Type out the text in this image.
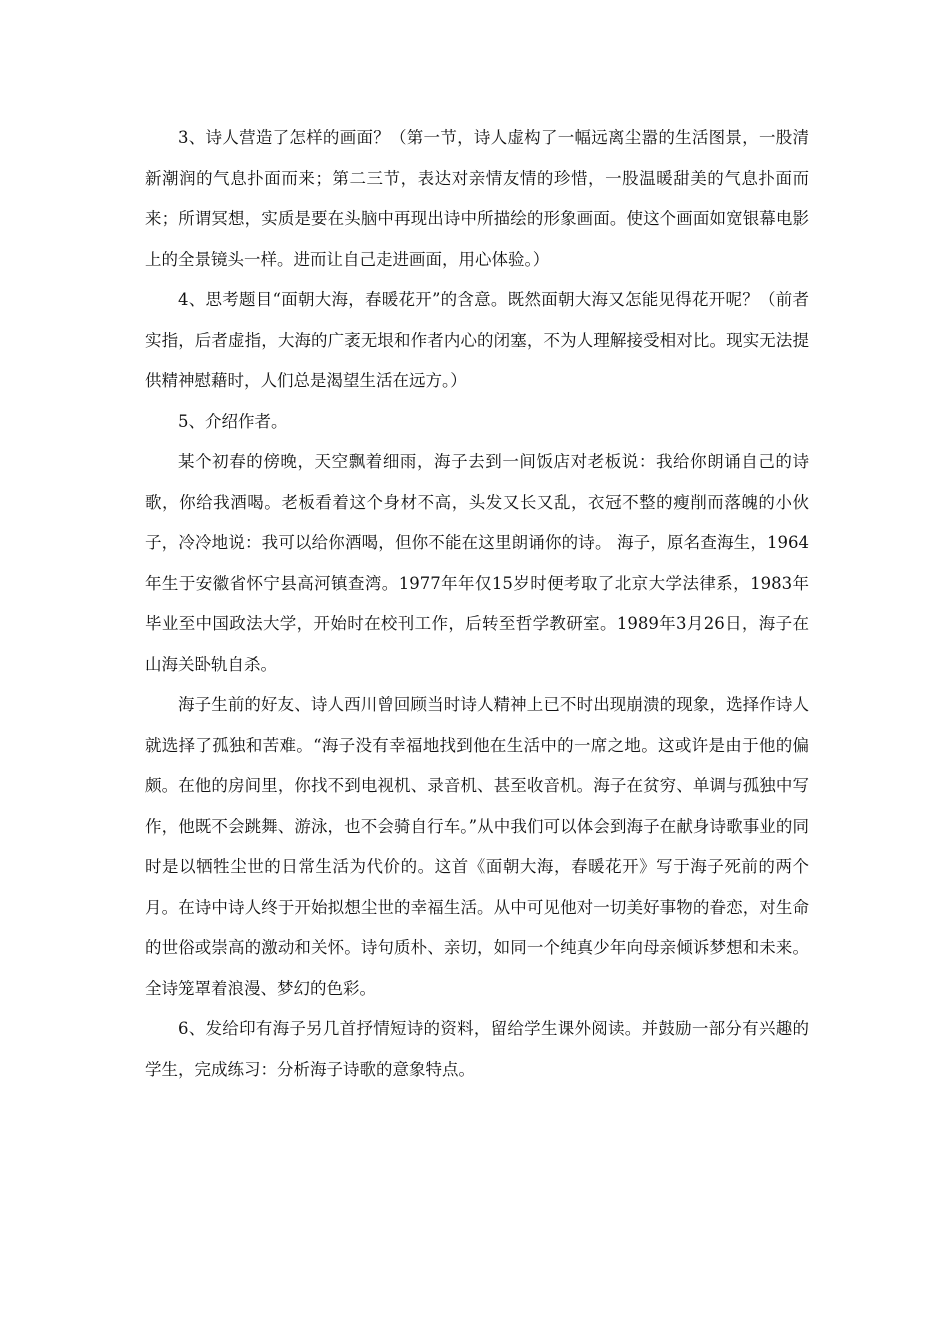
3、诗人营造了怎样的画面？（第一节，诗人虚构了一幅远离尘嚣的生活图景，一股清新潮润的气息扑面而来；第二三节，表达对亲情友情的珍惜，一股温暖甜美的气息扑面而来；所谓冥想，实质是要在头脑中再现出诗中所描绘的形象画面。使这个画面如宽银幕电影上的全景镜头一样。进而让自己走进画面，用心体验。）

4、思考题目“面朝大海，春暖花开”的含意。既然面朝大海又怎能见得花开呢？（前者实指，后者虚指，大海的广袤无垠和作者内心的闭塞，不为人理解接受相对比。现实无法提供精神慰藉时，人们总是渴望生活在远方。）

5、介绍作者。

某个初春的傍晚，天空飘着细雨，海子去到一间饭店对老板说：我给你朗诵自己的诗歌，你给我酒喝。老板看着这个身材不高，头发又长又乱，衣冠不整的瘦削而落魄的小伙子，冷冷地说：我可以给你酒喝，但你不能在这里朗诵你的诗。 海子，原名查海生，1964年生于安徽省怀宁县高河镇查湾。1977年年仅15岁时便考取了北京大学法律系，1983年毕业至中国政法大学，开始时在校刊工作，后转至哲学教研室。1989年3月26日，海子在山海关卧轨自杀。

海子生前的好友、诗人西川曾回顾当时诗人精神上已不时出现崩溃的现象，选择作诗人就选择了孤独和苦难。“海子没有幸福地找到他在生活中的一席之地。这或许是由于他的偏颇。在他的房间里，你找不到电视机、录音机、甚至收音机。海子在贫穷、单调与孤独中写作，他既不会跳舞、游泳，也不会骑自行车。”从中我们可以体会到海子在献身诗歌事业的同时是以牺牲尘世的日常生活为代价的。这首《面朝大海，春暖花开》写于海子死前的两个月。在诗中诗人终于开始拟想尘世的幸福生活。从中可见他对一切美好事物的眷恋，对生命的世俗或崇高的激动和关怀。诗句质朴、亲切，如同一个纯真少年向母亲倾诉梦想和未来。全诗笼罩着浪漫、梦幻的色彩。

6、发给印有海子另几首抒情短诗的资料，留给学生课外阅读。并鼓励一部分有兴趣的学生，完成练习：分析海子诗歌的意象特点。
